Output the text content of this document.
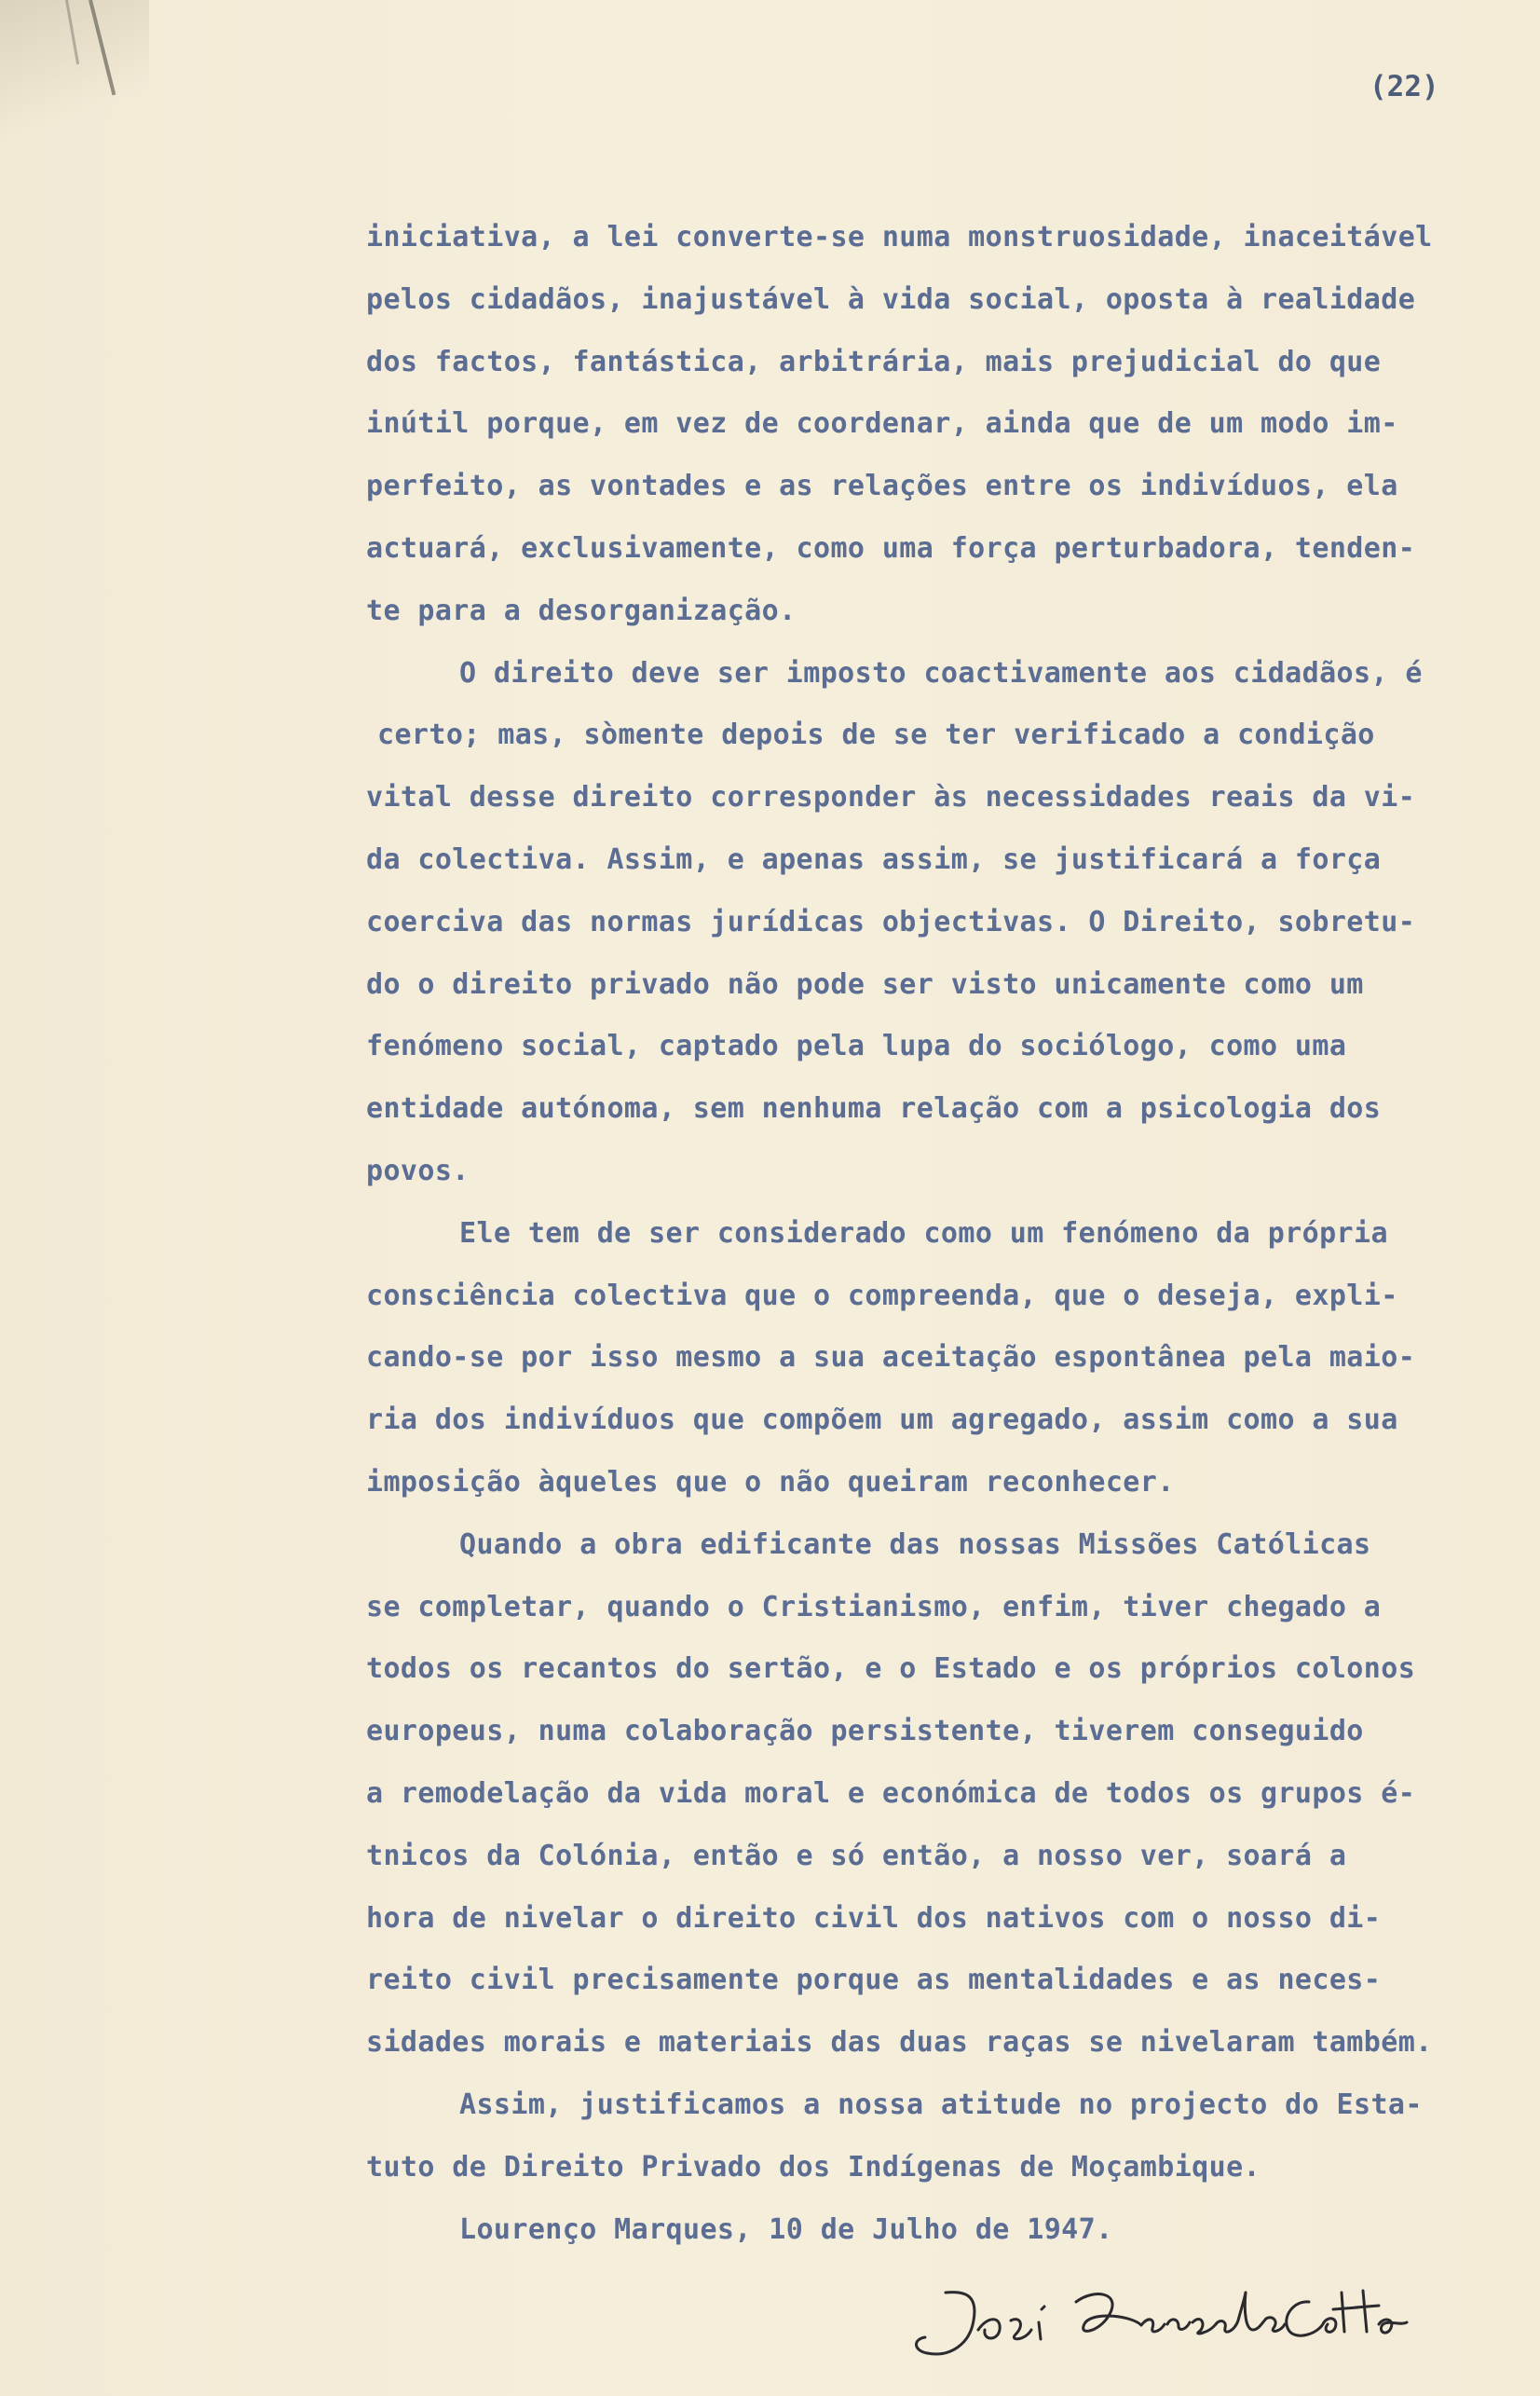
(22)
iniciativa, a lei converte-se numa monstruosidade, inaceitável
pelos cidadãos, inajustável à vida social, oposta à realidade
dos factos, fantástica, arbitrária, mais prejudicial do que
inútil porque, em vez de coordenar, ainda que de um modo im-
perfeito, as vontades e as relações entre os indivíduos, ela
actuará, exclusivamente, como uma força perturbadora, tenden-
te para a desorganização.
O direito deve ser imposto coactivamente aos cidadãos, é
certo; mas, sòmente depois de se ter verificado a condição
vital desse direito corresponder às necessidades reais da vi-
da colectiva. Assim, e apenas assim, se justificará a força
coerciva das normas jurídicas objectivas. O Direito, sobretu-
do o direito privado não pode ser visto unicamente como um
fenómeno social, captado pela lupa do sociólogo, como uma
entidade autónoma, sem nenhuma relação com a psicologia dos
povos.
Ele tem de ser considerado como um fenómeno da própria
consciência colectiva que o compreenda, que o deseja, expli-
cando-se por isso mesmo a sua aceitação espontânea pela maio-
ria dos indivíduos que compõem um agregado, assim como a sua
imposição àqueles que o não queiram reconhecer.
Quando a obra edificante das nossas Missões Católicas
se completar, quando o Cristianismo, enfim, tiver chegado a
todos os recantos do sertão, e o Estado e os próprios colonos
europeus, numa colaboração persistente, tiverem conseguido
a remodelação da vida moral e económica de todos os grupos é-
tnicos da Colónia, então e só então, a nosso ver, soará a
hora de nivelar o direito civil dos nativos com o nosso di-
reito civil precisamente porque as mentalidades e as neces-
sidades morais e materiais das duas raças se nivelaram também.
Assim, justificamos a nossa atitude no projecto do Esta-
tuto de Direito Privado dos Indígenas de Moçambique.
Lourenço Marques, 10 de Julho de 1947.
